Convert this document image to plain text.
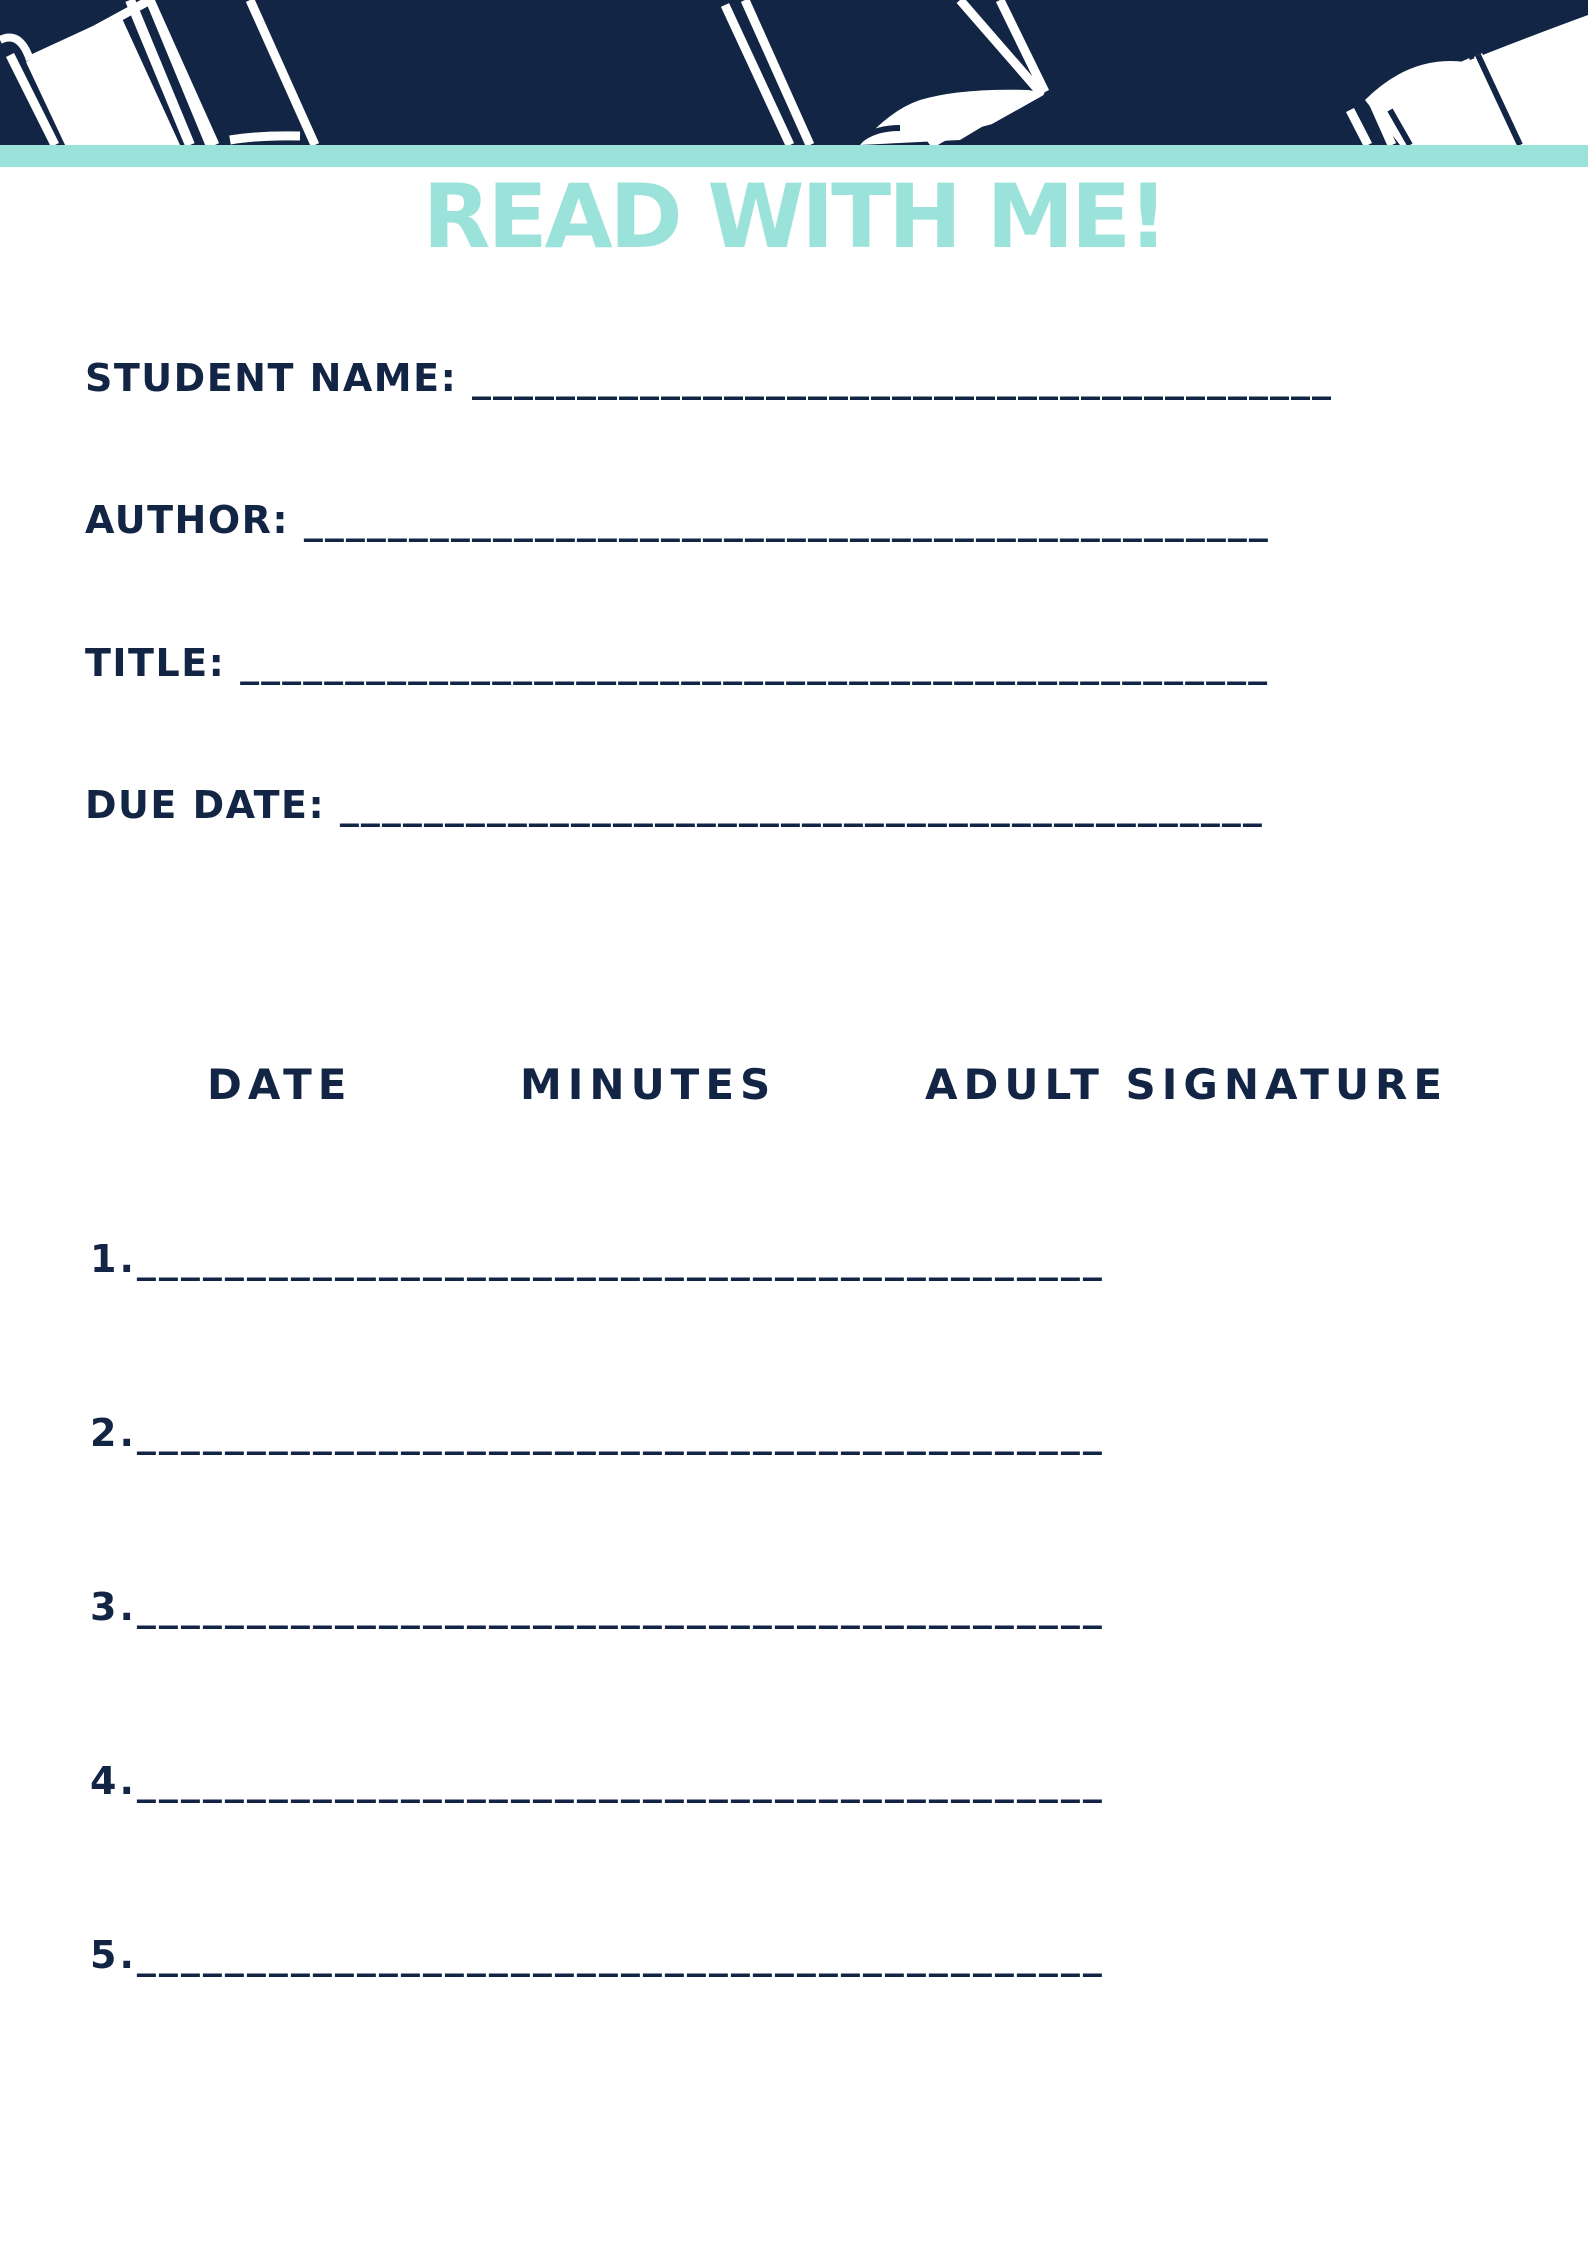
READ WITH ME!
STUDENT NAME: _________________________________________
AUTHOR: ______________________________________________
TITLE: _________________________________________________
DUE DATE: ____________________________________________
DATE	MINUTES	ADULT SIGNATURE
1.____________________________________________
2.____________________________________________
3.____________________________________________
4.____________________________________________
5.____________________________________________
